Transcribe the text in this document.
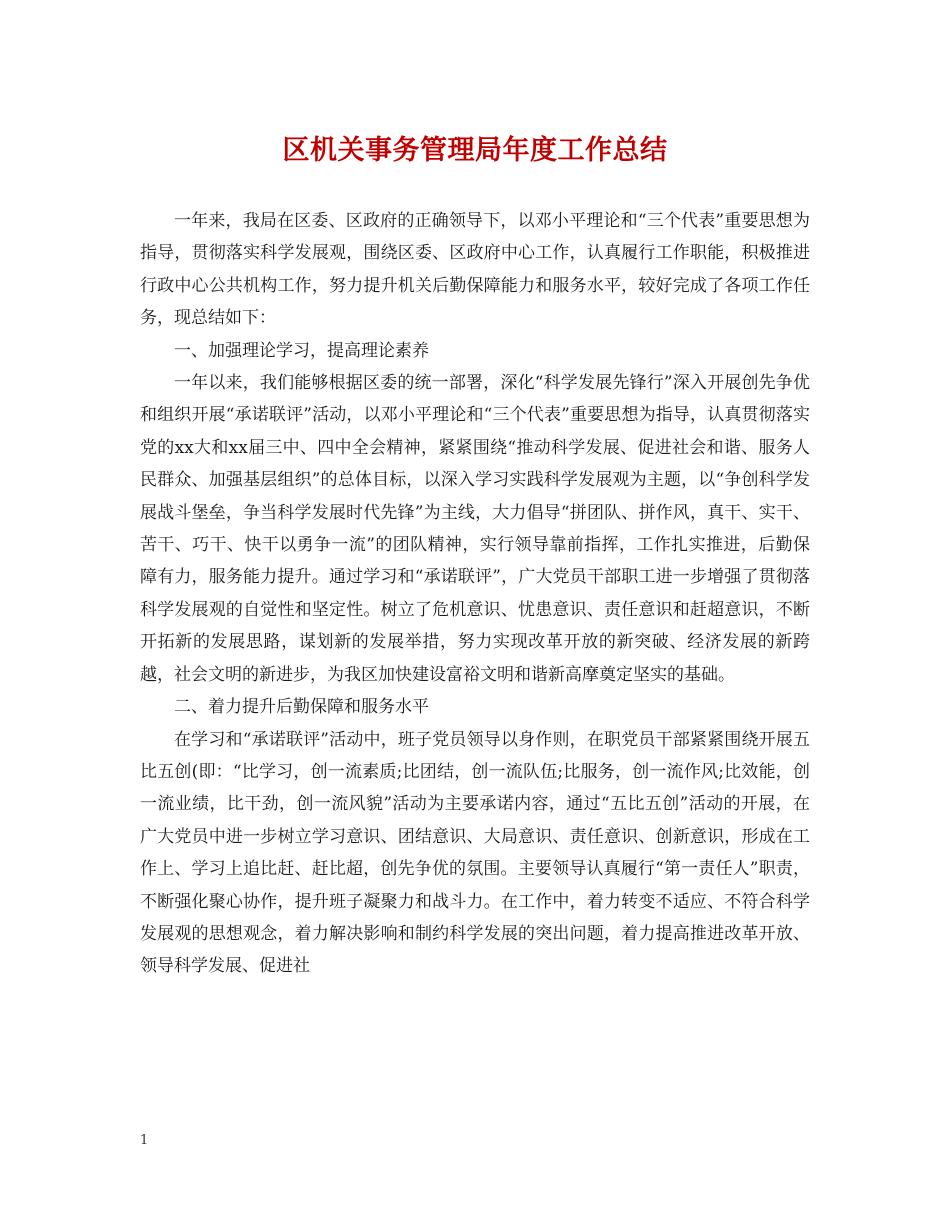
区机关事务管理局年度工作总结

一年来，我局在区委、区政府的正确领导下，以邓小平理论和“三个代表”重要思想为指导，贯彻落实科学发展观，围绕区委、区政府中心工作，认真履行工作职能，积极推进行政中心公共机构工作，努力提升机关后勤保障能力和服务水平，较好完成了各项工作任务，现总结如下：

一、加强理论学习，提高理论素养

一年以来，我们能够根据区委的统一部署，深化“科学发展先锋行”深入开展创先争优和组织开展“承诺联评”活动，以邓小平理论和“三个代表”重要思想为指导，认真贯彻落实党的xx大和xx届三中、四中全会精神，紧紧围绕“推动科学发展、促进社会和谐、服务人民群众、加强基层组织”的总体目标，以深入学习实践科学发展观为主题，以“争创科学发展战斗堡垒，争当科学发展时代先锋”为主线，大力倡导“拼团队、拼作风，真干、实干、苦干、巧干、快干以勇争一流”的团队精神，实行领导靠前指挥，工作扎实推进，后勤保障有力，服务能力提升。通过学习和“承诺联评”，广大党员干部职工进一步增强了贯彻落科学发展观的自觉性和坚定性。树立了危机意识、忧患意识、责任意识和赶超意识，不断开拓新的发展思路，谋划新的发展举措，努力实现改革开放的新突破、经济发展的新跨越，社会文明的新进步，为我区加快建设富裕文明和谐新高摩奠定坚实的基础。

二、着力提升后勤保障和服务水平

在学习和“承诺联评”活动中，班子党员领导以身作则，在职党员干部紧紧围绕开展五比五创(即：“比学习，创一流素质;比团结，创一流队伍;比服务，创一流作风;比效能，创一流业绩，比干劲，创一流风貌”活动为主要承诺内容，通过“五比五创”活动的开展，在广大党员中进一步树立学习意识、团结意识、大局意识、责任意识、创新意识，形成在工作上、学习上追比赶、赶比超，创先争优的氛围。主要领导认真履行“第一责任人”职责，不断强化聚心协作，提升班子凝聚力和战斗力。在工作中，着力转变不适应、不符合科学发展观的思想观念，着力解决影响和制约科学发展的突出问题，着力提高推进改革开放、领导科学发展、促进社

1
